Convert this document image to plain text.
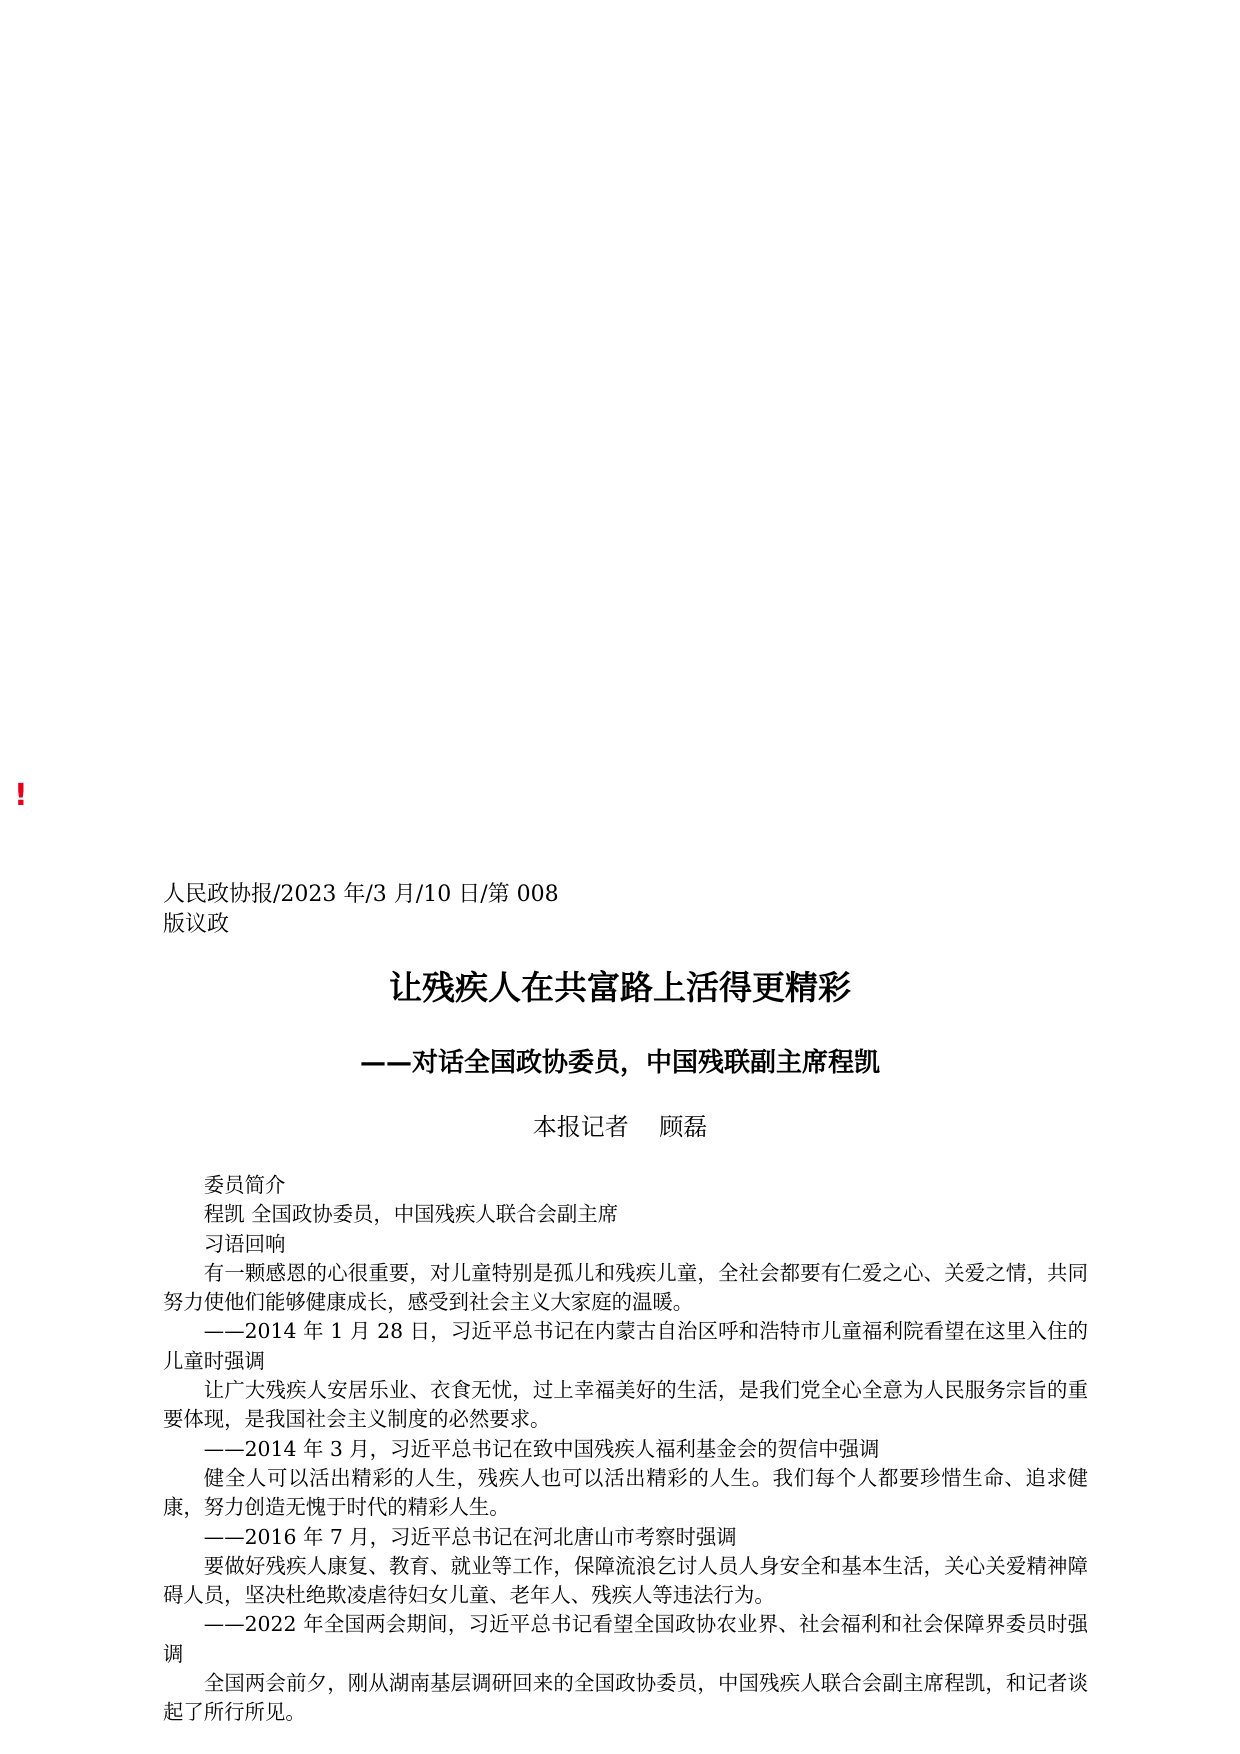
!
人民政协报/2023 年/3 月/10 日/第 008
版议政
让残疾人在共富路上活得更精彩
——对话全国政协委员，中国残联副主席程凯
本报记者    顾磊

委员简介

程凯 全国政协委员，中国残疾人联合会副主席

习语回响

有一颗感恩的心很重要，对儿童特别是孤儿和残疾儿童，全社会都要有仁爱之心、关爱之情，共同努力使他们能够健康成长，感受到社会主义大家庭的温暖。

——2014 年 1 月 28 日，习近平总书记在内蒙古自治区呼和浩特市儿童福利院看望在这里入住的儿童时强调

让广大残疾人安居乐业、衣食无忧，过上幸福美好的生活，是我们党全心全意为人民服务宗旨的重要体现，是我国社会主义制度的必然要求。

——2014 年 3 月，习近平总书记在致中国残疾人福利基金会的贺信中强调

健全人可以活出精彩的人生，残疾人也可以活出精彩的人生。我们每个人都要珍惜生命、追求健康，努力创造无愧于时代的精彩人生。

——2016 年 7 月，习近平总书记在河北唐山市考察时强调

要做好残疾人康复、教育、就业等工作，保障流浪乞讨人员人身安全和基本生活，关心关爱精神障碍人员，坚决杜绝欺凌虐待妇女儿童、老年人、残疾人等违法行为。

——2022 年全国两会期间，习近平总书记看望全国政协农业界、社会福利和社会保障界委员时强调

全国两会前夕，刚从湖南基层调研回来的全国政协委员，中国残疾人联合会副主席程凯，和记者谈起了所行所见。
